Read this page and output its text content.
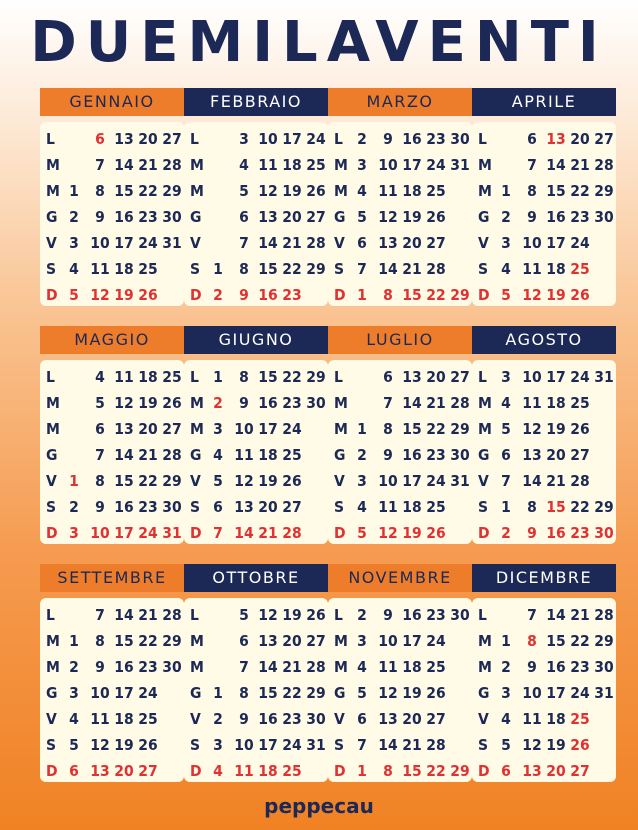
DUEMILAVENTI
GENNAIO
L	6 13 20 27
M	7 14 21 28
M 1	8 15 22 29
G 2	9 16 23 30
V 3 10 17 24 31
S 4 11 18 25
D 5 12 19 26
FEBBRAIO
L	3 10 17 24
M	4 11 18 25
M	5 12 19 26
G	6 13 20 27
V	7 14 21 28
S 1	8 15 22 29
D 2	9 16 23
MARZO
L 2	9 16 23 30
M 3 10 17 24 31
M 4 11 18 25
G 5 12 19 26
V 6 13 20 27
S 7 14 21 28
D 1	8 15 22 29
APRILE
L	6 13 20 27
M	7 14 21 28
M 1	8 15 22 29
G 2	9 16 23 30
V 3 10 17 24
S 4 11 18 25
D 5 12 19 26
MAGGIO
L	4 11 18 25
M	5 12 19 26
M	6 13 20 27
G	7 14 21 28
V 1	8 15 22 29
S 2	9 16 23 30
D 3 10 17 24 31
GIUGNO
L 1	8 15 22 29
M 2	9 16 23 30
M 3 10 17 24
G 4 11 18 25
V 5 12 19 26
S 6 13 20 27
D 7 14 21 28
LUGLIO
L	6 13 20 27
M	7 14 21 28
M 1	8 15 22 29
G 2	9 16 23 30
V 3 10 17 24 31
S 4 11 18 25
D 5 12 19 26
AGOSTO
L 3 10 17 24 31
M 4 11 18 25
M 5 12 19 26
G 6 13 20 27
V 7 14 21 28
S 1	8 15 22 29
D 2	9 16 23 30
SETTEMBRE
L	7 14 21 28
M 1	8 15 22 29
M 2	9 16 23 30
G 3 10 17 24
V 4 11 18 25
S 5 12 19 26
D 6 13 20 27
OTTOBRE
L	5 12 19 26
M	6 13 20 27
M	7 14 21 28
G 1	8 15 22 29
V 2	9 16 23 30
S 3 10 17 24 31
D 4 11 18 25
NOVEMBRE
L 2	9 16 23 30
M 3 10 17 24
M 4 11 18 25
G 5 12 19 26
V 6 13 20 27
S 7 14 21 28
D 1	8 15 22 29
DICEMBRE
L	7 14 21 28
M 1	8 15 22 29
M 2	9 16 23 30
G 3 10 17 24 31
V 4 11 18 25
S 5 12 19 26
D 6 13 20 27
peppecau
